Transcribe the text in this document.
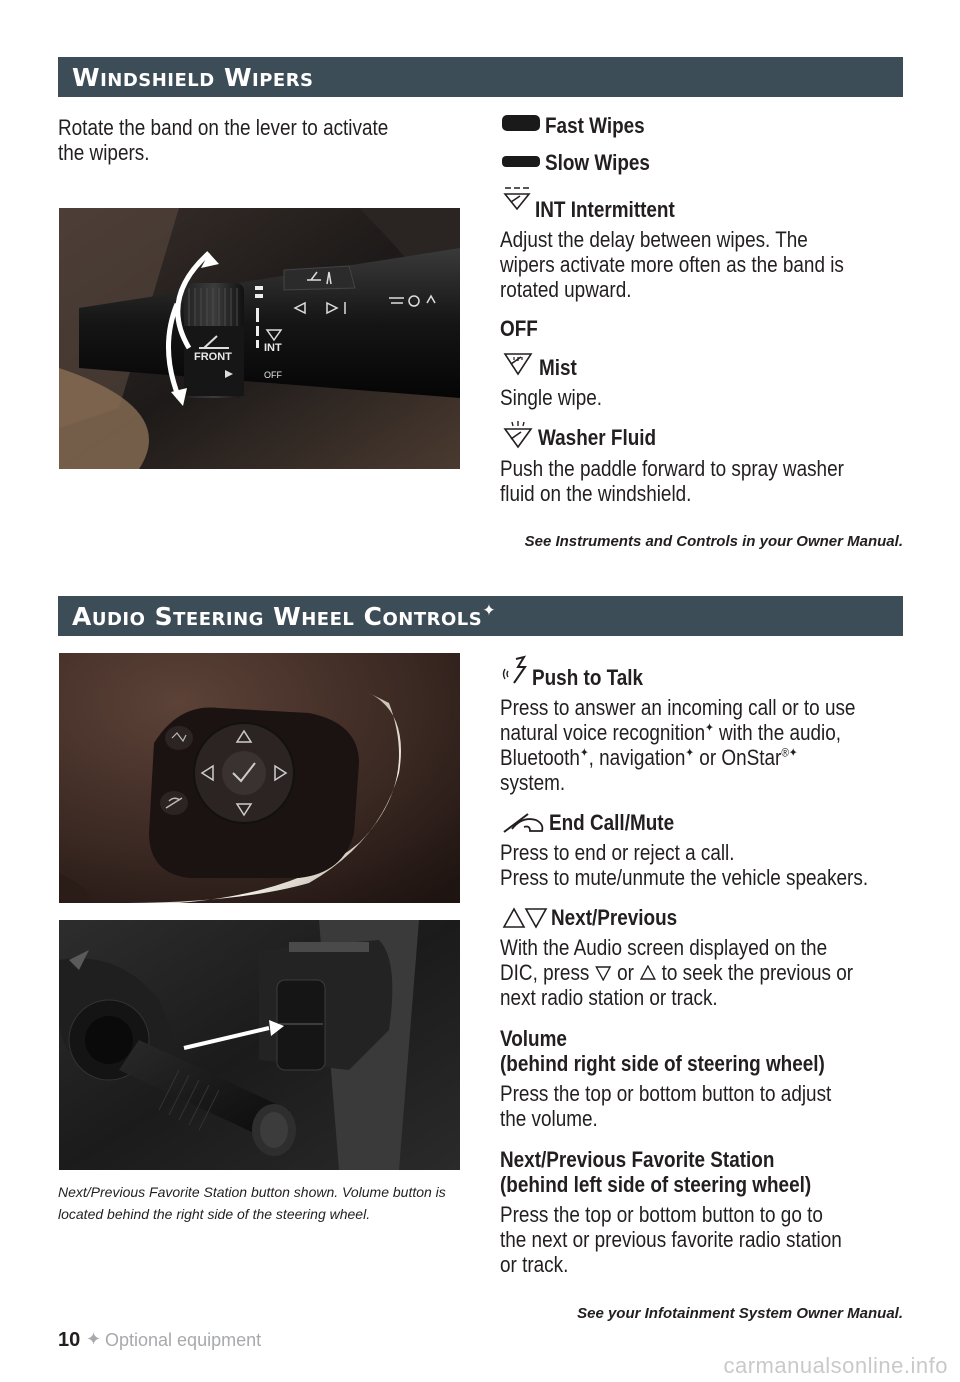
WINDSHIELD WIPERS
Rotate the band on the lever to activate
the wipers.
FRONT
INT
OFF
Fast Wipes
Slow Wipes
INT Intermittent
Adjust the delay between wipes. The
wipers activate more often as the band is
rotated upward.
OFF
Mist
Single wipe.
Washer Fluid
Push the paddle forward to spray washer
fluid on the windshield.
See Instruments and Controls in your Owner Manual.
AUDIO STEERING WHEEL CONTROLS✦
Next/Previous Favorite Station button shown. Volume button is
located behind the right side of the steering wheel.
Push to Talk
Press to answer an incoming call or to use
natural voice recognition✦ with the audio,
Bluetooth✦, navigation✦ or OnStar®✦
system.
End Call/Mute
Press to end or reject a call.
Press to mute/unmute the vehicle speakers.
Next/Previous
With the Audio screen displayed on the
DIC, press  or  to seek the previous or
next radio station or track.
Volume
(behind right side of steering wheel)
Press the top or bottom button to adjust
the volume.
Next/Previous Favorite Station
(behind left side of steering wheel)
Press the top or bottom button to go to
the next or previous favorite radio station
or track.
See your Infotainment System Owner Manual.
10 ✦ Optional equipment
carmanualsonline.info
